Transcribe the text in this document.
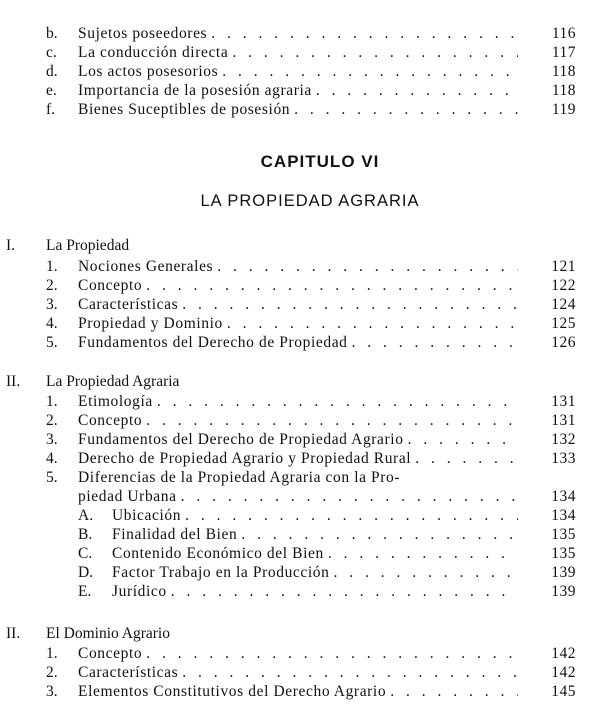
b. Sujetos poseedores . . .	116
c. La conducción directa . . .	117
d. Los actos posesorios . . .	118
e. Importancia de la posesión agraria . . .	118
f. Bienes Suceptibles de posesión . . .	119
CAPITULO VI
LA PROPIEDAD AGRARIA
I. La Propiedad
1. Nociones Generales . . .	121
2. Concepto . . .	122
3. Características . . .	124
4. Propiedad y Dominio . . .	125
5. Fundamentos del Derecho de Propiedad . . .	126
II. La Propiedad Agraria
1. Etimología . . .	131
2. Concepto . . .	131
3. Fundamentos del Derecho de Propiedad Agrario . . .	132
4. Derecho de Propiedad Agrario y Propiedad Rural . . .	133
5. Diferencias de la Propiedad Agraria con la Pro-
piedad Urbana . . .	134
A. Ubicación . . .	134
B. Finalidad del Bien . . .	135
C. Contenido Económico del Bien . . .	135
D. Factor Trabajo en la Producción . . .	139
E. Jurídico . . .	139
II. El Dominio Agrario
1. Concepto . . .	142
2. Características . . .	142
3. Elementos Constitutivos del Derecho Agrario . . .	145
